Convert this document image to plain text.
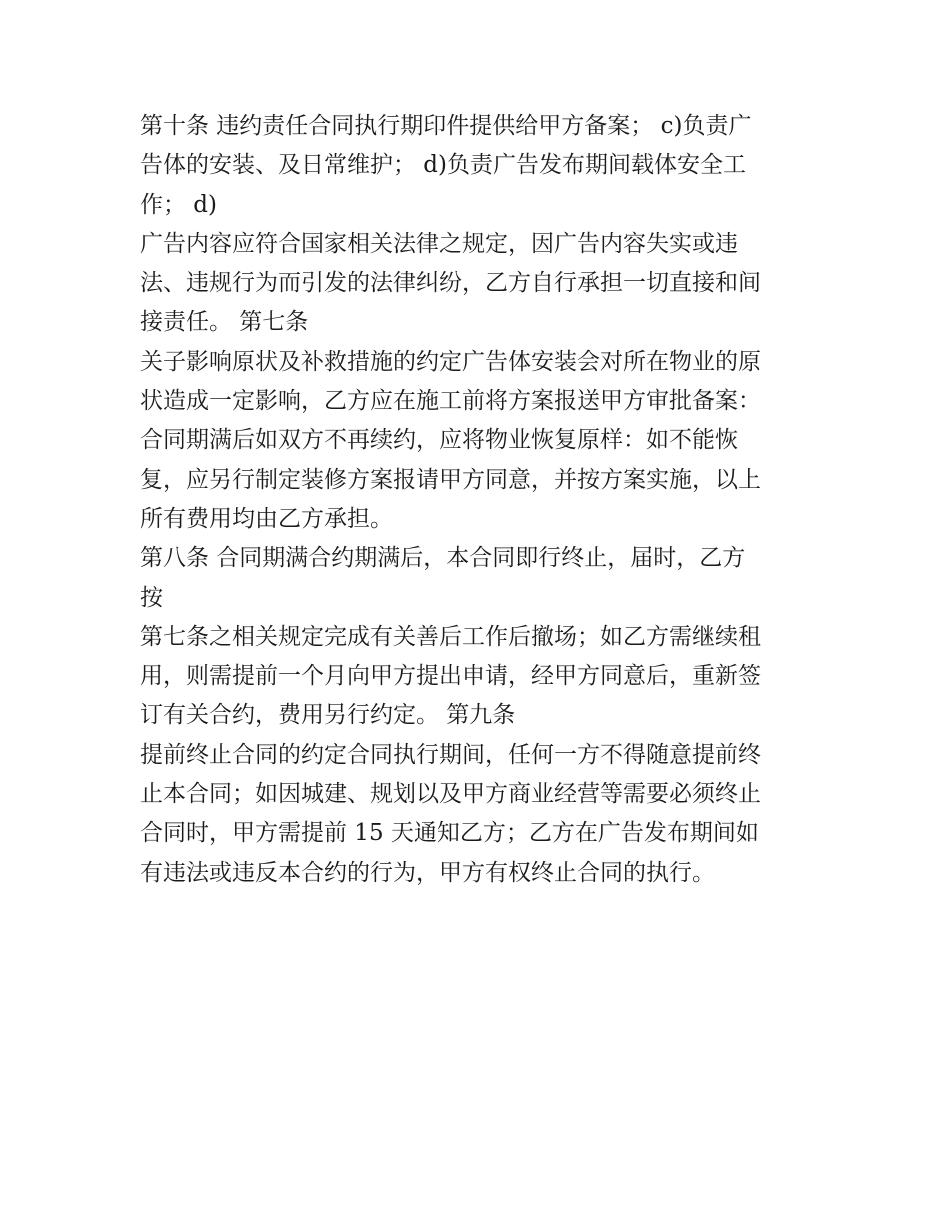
第十条 违约责任合同执行期印件提供给甲方备案； c)负责广
告体的安装、及日常维护； d)负责广告发布期间载体安全工
作； d)
广告内容应符合国家相关法律之规定，因广告内容失实或违
法、违规行为而引发的法律纠纷，乙方自行承担一切直接和间
接责任。 第七条
关子影响原状及补救措施的约定广告体安装会对所在物业的原
状造成一定影响，乙方应在施工前将方案报送甲方审批备案：
合同期满后如双方不再续约，应将物业恢复原样：如不能恢
复，应另行制定装修方案报请甲方同意，并按方案实施，以上
所有费用均由乙方承担。
第八条 合同期满合约期满后，本合同即行终止，届时，乙方
按
第七条之相关规定完成有关善后工作后撤场；如乙方需继续租
用，则需提前一个月向甲方提出申请，经甲方同意后，重新签
订有关合约，费用另行约定。 第九条
提前终止合同的约定合同执行期间，任何一方不得随意提前终
止本合同；如因城建、规划以及甲方商业经营等需要必须终止
合同时，甲方需提前 15 天通知乙方；乙方在广告发布期间如
有违法或违反本合约的行为，甲方有权终止合同的执行。
